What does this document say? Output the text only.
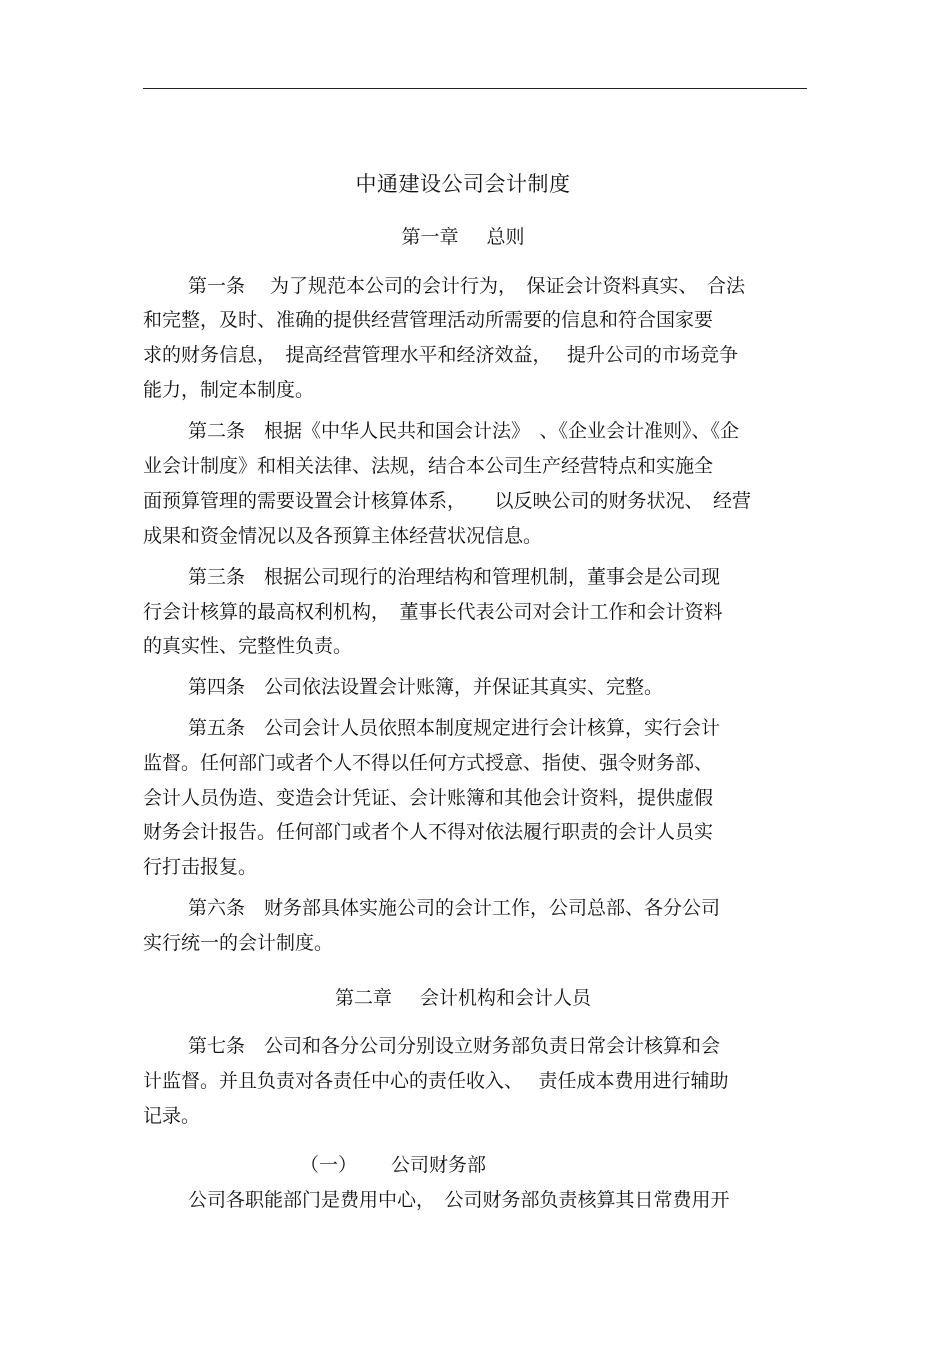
中通建设公司会计制度
第一章 总则
第一条　 为了规范本公司的会计行为，　保证会计资料真实、　合法
和完整，及时、准确的提供经营管理活动所需要的信息和符合国家要
求的财务信息，　提高经营管理水平和经济效益，　 提升公司的市场竞争
能力，制定本制度。
第二条　根据《中华人民共和国会计法》　、《企业会计准则》、《企
业会计制度》和相关法律、法规，结合本公司生产经营特点和实施全
面预算管理的需要设置会计核算体系，　　以反映公司的财务状况、　经营
成果和资金情况以及各预算主体经营状况信息。
第三条　根据公司现行的治理结构和管理机制，董事会是公司现
行会计核算的最高权利机构，　董事长代表公司对会计工作和会计资料
的真实性、完整性负责。
第四条　公司依法设置会计账簿，并保证其真实、完整。
第五条　公司会计人员依照本制度规定进行会计核算，实行会计
监督。任何部门或者个人不得以任何方式授意、指使、强令财务部、
会计人员伪造、变造会计凭证、会计账簿和其他会计资料，提供虚假
财务会计报告。任何部门或者个人不得对依法履行职责的会计人员实
行打击报复。
第六条　财务部具体实施公司的会计工作，公司总部、各分公司
实行统一的会计制度。
第二章 会计机构和会计人员
第七条　公司和各分公司分别设立财务部负责日常会计核算和会
计监督。并且负责对各责任中心的责任收入、　 责任成本费用进行辅助
记录。
（一） 公司财务部
公司各职能部门是费用中心，　公司财务部负责核算其日常费用开
